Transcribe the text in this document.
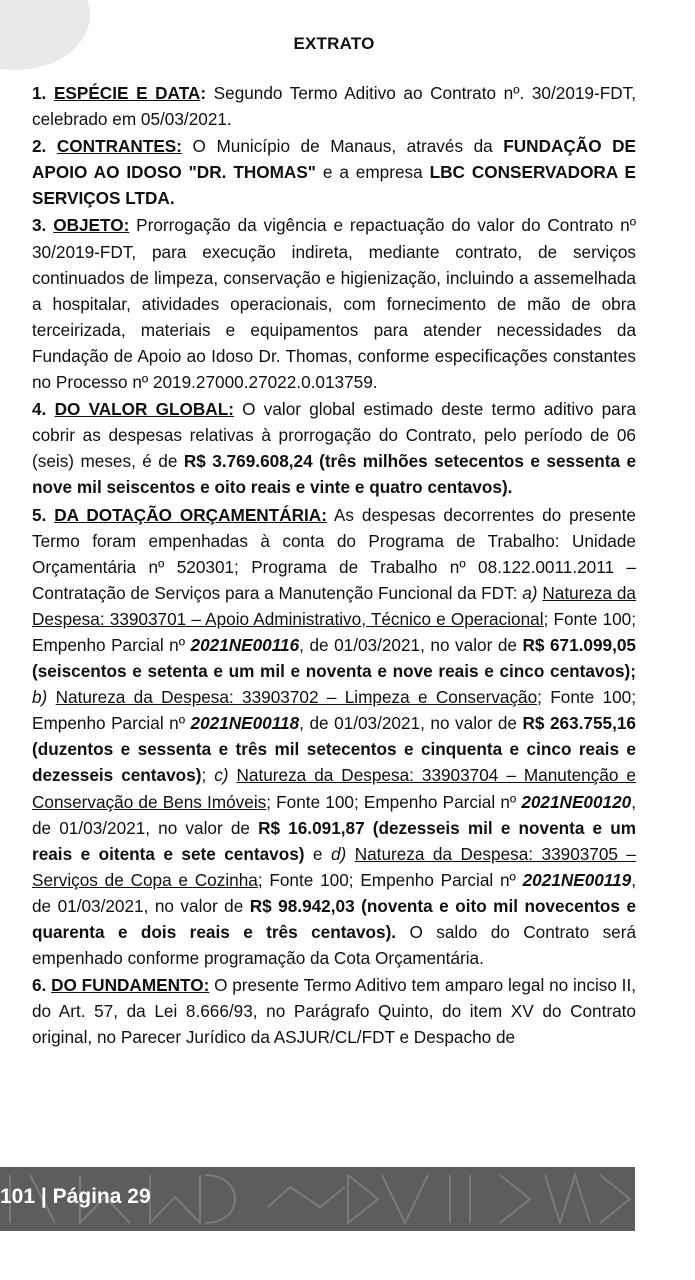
EXTRATO

1. ESPÉCIE E DATA: Segundo Termo Aditivo ao Contrato nº. 30/2019-FDT, celebrado em 05/03/2021.

2. CONTRANTES: O Município de Manaus, através da FUNDAÇÃO DE APOIO AO IDOSO "DR. THOMAS" e a empresa LBC CONSERVADORA E SERVIÇOS LTDA.

3. OBJETO: Prorrogação da vigência e repactuação do valor do Contrato nº 30/2019-FDT, para execução indireta, mediante contrato, de serviços continuados de limpeza, conservação e higienização, incluindo a assemelhada a hospitalar, atividades operacionais, com fornecimento de mão de obra terceirizada, materiais e equipamentos para atender necessidades da Fundação de Apoio ao Idoso Dr. Thomas, conforme especificações constantes no Processo nº 2019.27000.27022.0.013759.

4. DO VALOR GLOBAL: O valor global estimado deste termo aditivo para cobrir as despesas relativas à prorrogação do Contrato, pelo período de 06 (seis) meses, é de R$ 3.769.608,24 (três milhões setecentos e sessenta e nove mil seiscentos e oito reais e vinte e quatro centavos).

5. DA DOTAÇÃO ORÇAMENTÁRIA: As despesas decorrentes do presente Termo foram empenhadas à conta do Programa de Trabalho: Unidade Orçamentária nº 520301; Programa de Trabalho nº 08.122.0011.2011 – Contratação de Serviços para a Manutenção Funcional da FDT: a) Natureza da Despesa: 33903701 – Apoio Administrativo, Técnico e Operacional; Fonte 100; Empenho Parcial nº 2021NE00116, de 01/03/2021, no valor de R$ 671.099,05 (seiscentos e setenta e um mil e noventa e nove reais e cinco centavos); b) Natureza da Despesa: 33903702 – Limpeza e Conservação; Fonte 100; Empenho Parcial nº 2021NE00118, de 01/03/2021, no valor de R$ 263.755,16 (duzentos e sessenta e três mil setecentos e cinquenta e cinco reais e dezesseis centavos); c) Natureza da Despesa: 33903704 – Manutenção e Conservação de Bens Imóveis; Fonte 100; Empenho Parcial nº 2021NE00120, de 01/03/2021, no valor de R$ 16.091,87 (dezesseis mil e noventa e um reais e oitenta e sete centavos) e d) Natureza da Despesa: 33903705 – Serviços de Copa e Cozinha; Fonte 100; Empenho Parcial nº 2021NE00119, de 01/03/2021, no valor de R$ 98.942,03 (noventa e oito mil novecentos e quarenta e dois reais e três centavos). O saldo do Contrato será empenhado conforme programação da Cota Orçamentária.

6. DO FUNDAMENTO: O presente Termo Aditivo tem amparo legal no inciso II, do Art. 57, da Lei 8.666/93, no Parágrafo Quinto, do item XV do Contrato original, no Parecer Jurídico da ASJUR/CL/FDT e Despacho de

101 | Página 29
